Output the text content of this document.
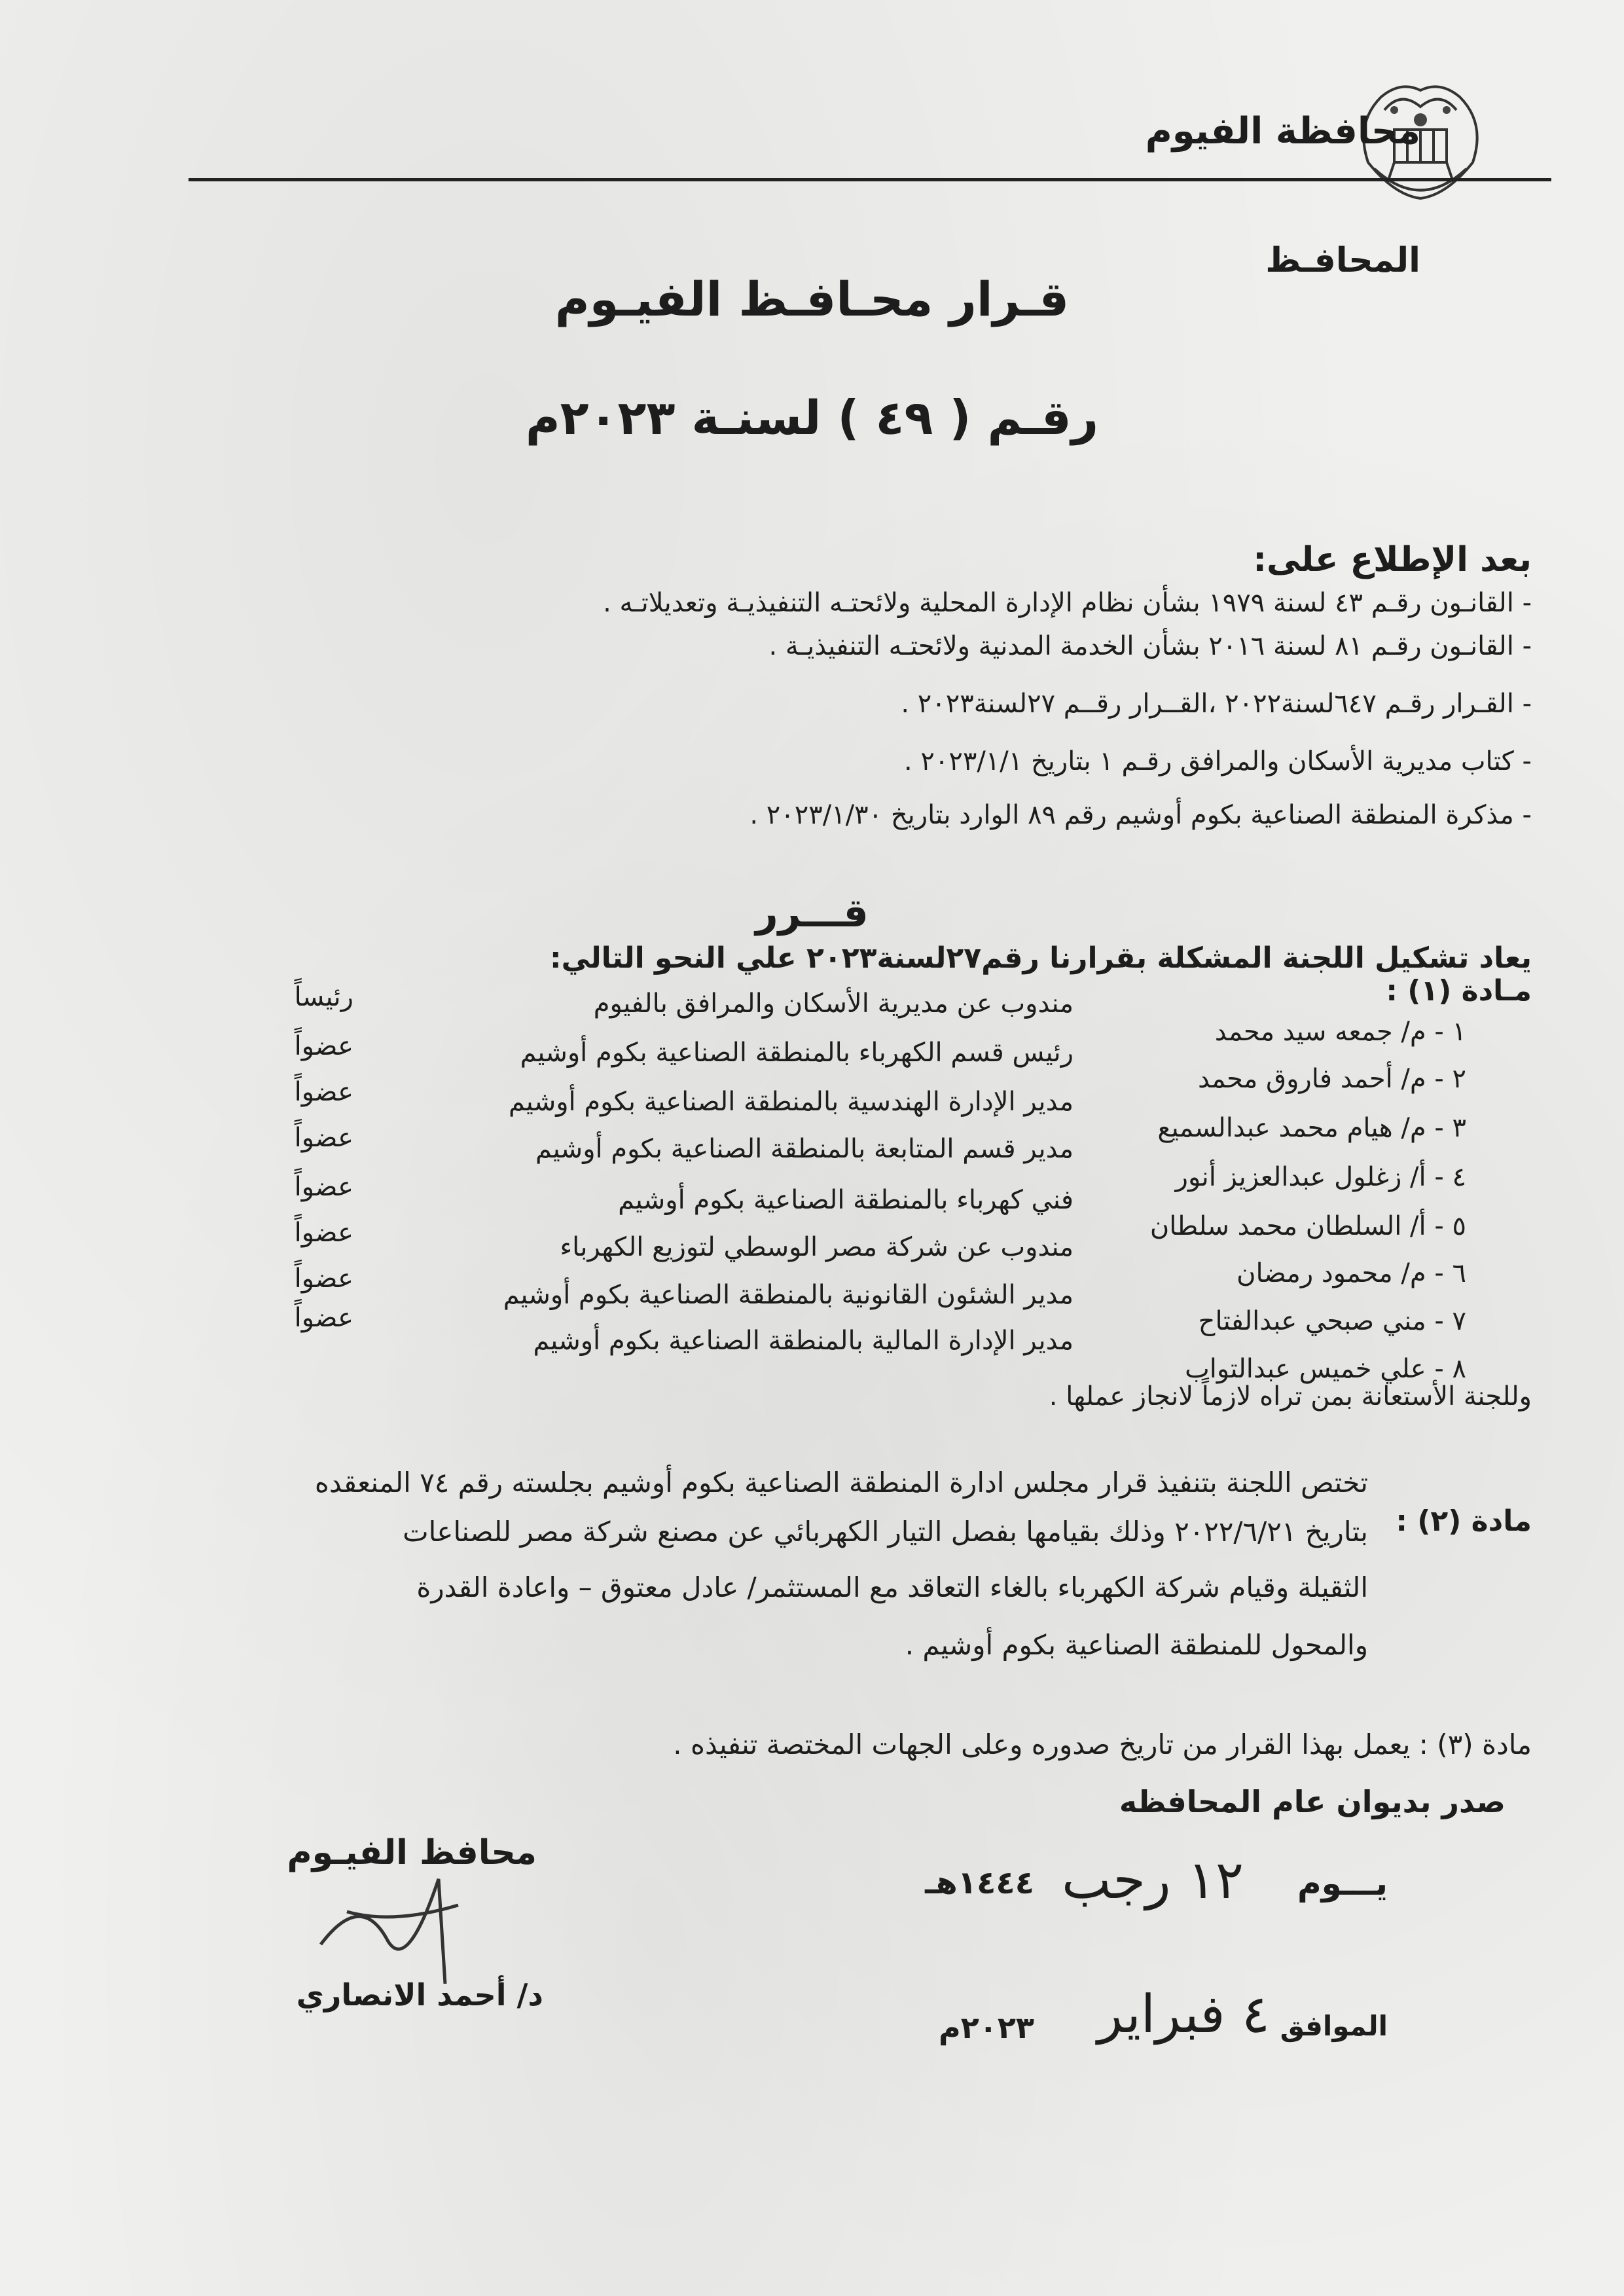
محافظة الفيوم
المحافـظ
قـرار محـافـظ الفيـوم
رقـم ( ٤٩ ) لسنـة ٢٠٢٣م
بعد الإطلاع على:
- القانـون رقـم ٤٣ لسنة ١٩٧٩ بشأن نظام الإدارة المحلية ولائحتـه التنفيذيـة وتعديلاتـه .
- القانـون رقـم ٨١ لسنة ٢٠١٦ بشأن الخدمة المدنية ولائحتـه التنفيذيـة .
- القـرار رقـم ٦٤٧لسنة٢٠٢٢ ،القــرار رقــم ٢٧لسنة٢٠٢٣ .
- كتاب مديرية الأسكان والمرافق رقـم ١ بتاريخ ٢٠٢٣/١/١ .
- مذكرة المنطقة الصناعية بكوم أوشيم رقم ٨٩ الوارد بتاريخ ٢٠٢٣/١/٣٠ .
قـــرر
يعاد تشكيل اللجنة المشكلة بقرارنا رقم٢٧لسنة٢٠٢٣ علي النحو التالي:
مـادة (١) :
مندوب عن مديرية الأسكان والمرافق بالفيوم
رئيساً
١ - م/ جمعه سيد محمد
رئيس قسم الكهرباء بالمنطقة الصناعية بكوم أوشيم
عضواً
٢ - م/ أحمد فاروق محمد
مدير الإدارة الهندسية بالمنطقة الصناعية بكوم أوشيم
عضواً
٣ - م/ هيام محمد عبدالسميع
مدير قسم المتابعة بالمنطقة الصناعية بكوم أوشيم
عضواً
٤ - أ/ زغلول عبدالعزيز أنور
فني كهرباء بالمنطقة الصناعية بكوم أوشيم
عضواً
٥ - أ/ السلطان محمد سلطان
مندوب عن شركة مصر الوسطي لتوزيع الكهرباء
عضواً
٦ - م/ محمود رمضان
مدير الشئون القانونية بالمنطقة الصناعية بكوم أوشيم
عضواً
٧ - مني صبحي عبدالفتاح
مدير الإدارة المالية بالمنطقة الصناعية بكوم أوشيم
عضواً
٨ - علي خميس عبدالتواب
وللجنة الأستعانة بمن تراه لازماً لانجاز عملها .
مادة (٢) :
تختص اللجنة بتنفيذ قرار مجلس ادارة المنطقة الصناعية بكوم أوشيم بجلسته رقم ٧٤ المنعقده
بتاريخ ٢٠٢٢/٦/٢١ وذلك بقيامها بفصل التيار الكهربائي عن مصنع شركة مصر للصناعات
الثقيلة وقيام شركة الكهرباء بالغاء التعاقد مع المستثمر/ عادل معتوق – واعادة القدرة
والمحول للمنطقة الصناعية بكوم أوشيم .
مادة (٣) : يعمل بهذا القرار من تاريخ صدوره وعلى الجهات المختصة تنفيذه .
صدر بديوان عام المحافظه
يـــوم
١٢ رجب
١٤٤٤هـ
الموافق
٤ فبراير
٢٠٢٣م
محافظ الفيـوم
د/ أحمد الانصاري
